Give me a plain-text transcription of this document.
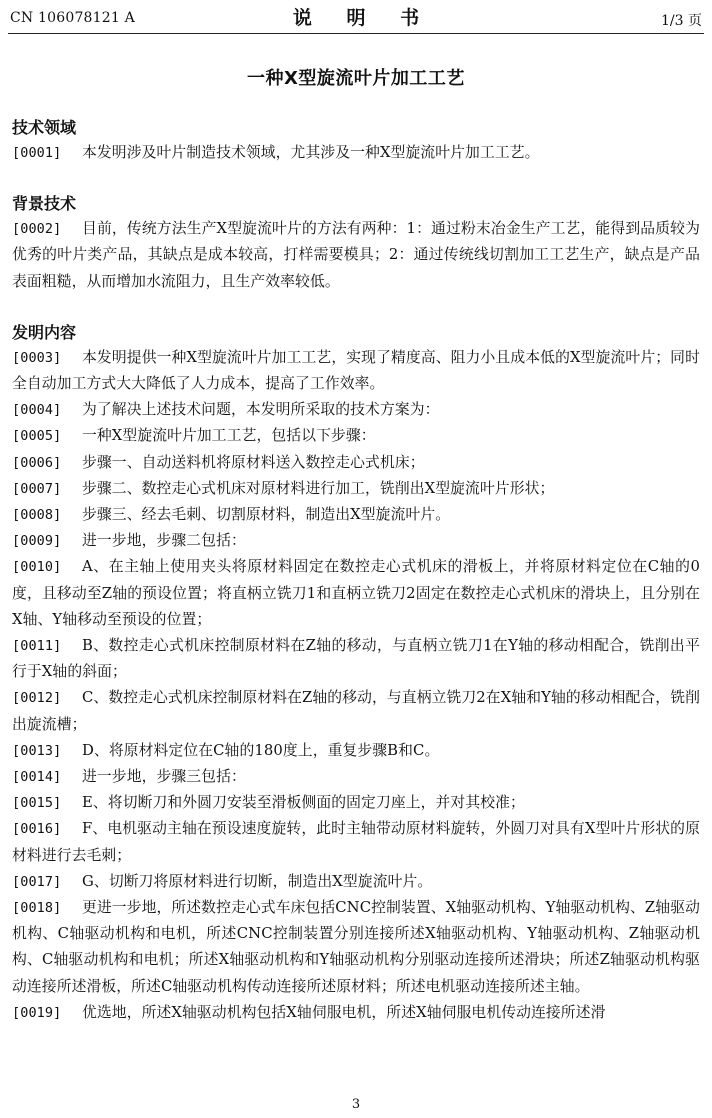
CN 106078121 A	说 明 书	1/3 页
一种X型旋流叶片加工工艺
技术领域
[0001] 本发明涉及叶片制造技术领域，尤其涉及一种X型旋流叶片加工工艺。
背景技术
[0002] 目前，传统方法生产X型旋流叶片的方法有两种：1：通过粉末冶金生产工艺，能得到品质较为优秀的叶片类产品，其缺点是成本较高，打样需要模具；2：通过传统线切割加工工艺生产，缺点是产品表面粗糙，从而增加水流阻力，且生产效率较低。
发明内容
[0003] 本发明提供一种X型旋流叶片加工工艺，实现了精度高、阻力小且成本低的X型旋流叶片；同时全自动加工方式大大降低了人力成本，提高了工作效率。
[0004] 为了解决上述技术问题，本发明所采取的技术方案为：
[0005] 一种X型旋流叶片加工工艺，包括以下步骤：
[0006] 步骤一、自动送料机将原材料送入数控走心式机床；
[0007] 步骤二、数控走心式机床对原材料进行加工，铣削出X型旋流叶片形状；
[0008] 步骤三、经去毛刺、切割原材料，制造出X型旋流叶片。
[0009] 进一步地，步骤二包括：
[0010] A、在主轴上使用夹头将原材料固定在数控走心式机床的滑板上，并将原材料定位在C轴的0度，且移动至Z轴的预设位置；将直柄立铣刀1和直柄立铣刀2固定在数控走心式机床的滑块上，且分别在X轴、Y轴移动至预设的位置；
[0011] B、数控走心式机床控制原材料在Z轴的移动，与直柄立铣刀1在Y轴的移动相配合，铣削出平行于X轴的斜面；
[0012] C、数控走心式机床控制原材料在Z轴的移动，与直柄立铣刀2在X轴和Y轴的移动相配合，铣削出旋流槽；
[0013] D、将原材料定位在C轴的180度上，重复步骤B和C。
[0014] 进一步地，步骤三包括：
[0015] E、将切断刀和外圆刀安装至滑板侧面的固定刀座上，并对其校准；
[0016] F、电机驱动主轴在预设速度旋转，此时主轴带动原材料旋转，外圆刀对具有X型叶片形状的原材料进行去毛刺；
[0017] G、切断刀将原材料进行切断，制造出X型旋流叶片。
[0018] 更进一步地，所述数控走心式车床包括CNC控制装置、X轴驱动机构、Y轴驱动机构、Z轴驱动机构、C轴驱动机构和电机，所述CNC控制装置分别连接所述X轴驱动机构、Y轴驱动机构、Z轴驱动机构、C轴驱动机构和电机；所述X轴驱动机构和Y轴驱动机构分别驱动连接所述滑块；所述Z轴驱动机构驱动连接所述滑板，所述C轴驱动机构传动连接所述原材料；所述电机驱动连接所述主轴。
[0019] 优选地，所述X轴驱动机构包括X轴伺服电机，所述X轴伺服电机传动连接所述滑
3
